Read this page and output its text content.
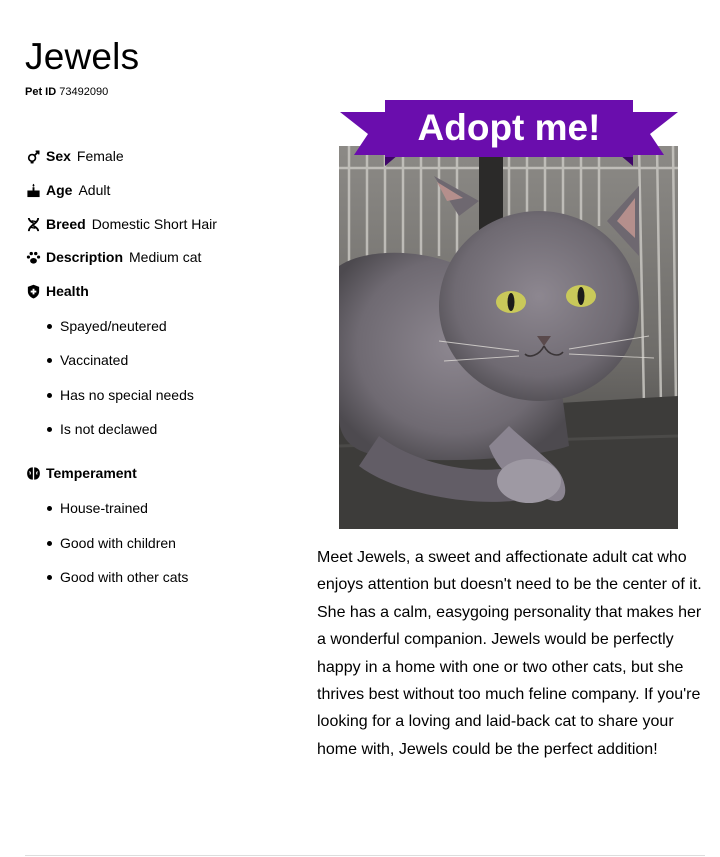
Jewels
Pet ID 73492090
Sex Female
Age Adult
Breed Domestic Short Hair
Description Medium cat
Health
Temperament
Spayed/neutered
Vaccinated
Has no special needs
Is not declawed
House-trained
Good with children
Good with other cats
Adopt me!

Meet Jewels, a sweet and affectionate adult cat who enjoys attention but doesn't need to be the center of it. She has a calm, easygoing personality that makes her a wonderful companion. Jewels would be perfectly happy in a home with one or two other cats, but she thrives best without too much feline company. If you're looking for a loving and laid-back cat to share your home with, Jewels could be the perfect addition!
